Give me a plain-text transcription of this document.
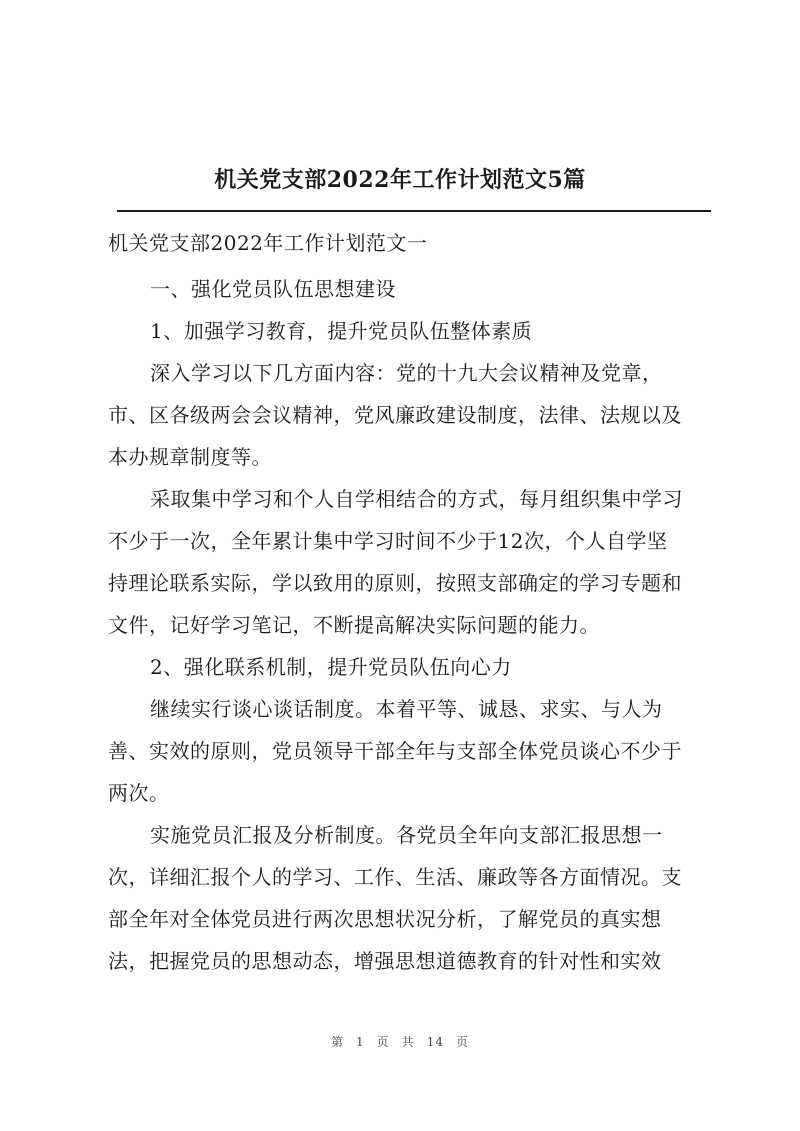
机关党支部2022年工作计划范文5篇
机关党支部2022年工作计划范文一
一、强化党员队伍思想建设
1、加强学习教育，提升党员队伍整体素质
深入学习以下几方面内容：党的十九大会议精神及党章，
市、区各级两会会议精神，党风廉政建设制度，法律、法规以及
本办规章制度等。
采取集中学习和个人自学相结合的方式，每月组织集中学习
不少于一次，全年累计集中学习时间不少于12次，个人自学坚
持理论联系实际，学以致用的原则，按照支部确定的学习专题和
文件，记好学习笔记，不断提高解决实际问题的能力。
2、强化联系机制，提升党员队伍向心力
继续实行谈心谈话制度。本着平等、诚恳、求实、与人为
善、实效的原则，党员领导干部全年与支部全体党员谈心不少于
两次。
实施党员汇报及分析制度。各党员全年向支部汇报思想一
次，详细汇报个人的学习、工作、生活、廉政等各方面情况。支
部全年对全体党员进行两次思想状况分析，了解党员的真实想
法，把握党员的思想动态，增强思想道德教育的针对性和实效
第 1 页 共 14 页
